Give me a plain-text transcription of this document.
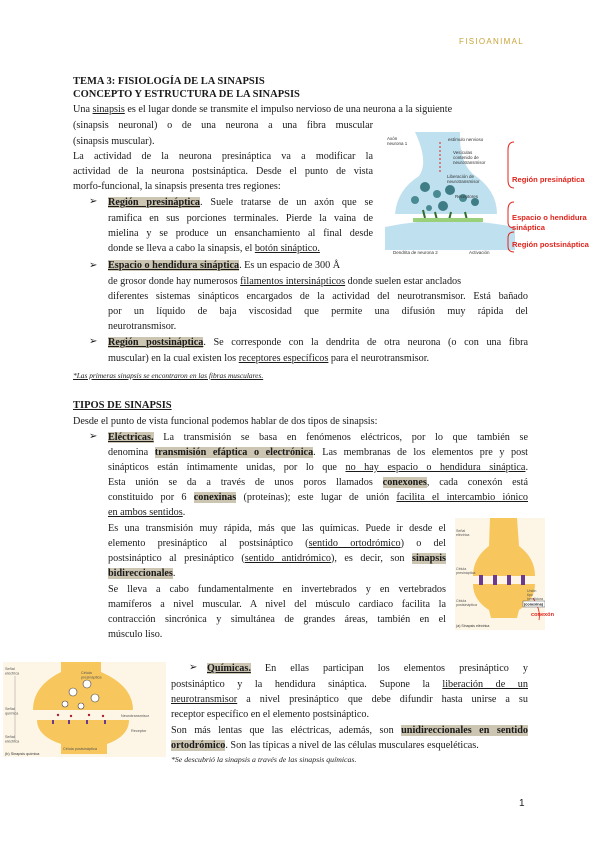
FISIOANIMAL
TEMA 3: FISIOLOGÍA DE LA SINAPSIS
CONCEPTO Y ESTRUCTURA DE LA SINAPSIS
Una sinapsis es el lugar donde se transmite el impulso nervioso de una neurona a la siguiente
(sinapsis neuronal) o de una neurona a una fibra muscular
(sinapsis muscular).
La actividad de la neurona presináptica va a modificar la
actividad de la neurona postsináptica. Desde el punto de vista
morfo-funcional, la sinapsis presenta tres regiones:
➢ Región presináptica. Suele tratarse de un axón que se
ramifica en sus porciones terminales. Pierde la vaina de
mielina y se produce un ensanchamiento al final desde
donde se lleva a cabo la sinapsis, el botón sináptico.
➢ Espacio o hendidura sináptica. Es un espacio de 300 Å
de grosor donde hay numerosos filamentos intersinápticos donde suelen estar anclados
diferentes sistemas sinápticos encargados de la actividad del neurotransmisor. Está bañado
por un líquido de baja viscosidad que permite una difusión muy rápida del
neurotransmisor.
➢ Región postsináptica. Se corresponde con la dendrita de otra neurona (o con una fibra
muscular) en la cual existen los receptores específicos para el neurotransmisor.
*Las primeras sinapsis se encontraron en las fibras musculares.
Axón neurona 1
estímulo nervioso
Vesículas contenido de neurotransmisor
Liberación de neurotransmisor
Receptores
Dendrita de neurona 2	Activación
Región presináptica
Espacio o hendidura
sináptica
Región postsináptica
TIPOS DE SINAPSIS
Desde el punto de vista funcional podemos hablar de dos tipos de sinapsis:
➢ Eléctricas. La transmisión se basa en fenómenos eléctricos, por lo que también se
denomina transmisión efáptica o electrónica. Las membranas de los elementos pre y post
sinápticos están íntimamente unidas, por lo que no hay espacio o hendidura sináptica.
Esta unión se da a través de unos poros llamados conexones, cada conexón está
constituido por 6 conexinas (proteínas); este lugar de unión facilita el intercambio iónico
en ambos sentidos.
Es una transmisión muy rápida, más que las químicas. Puede ir desde el
elemento presináptico al postsináptico (sentido ortodrómico) o del
postsináptico al presináptico (sentido antidrómico), es decir, son sinapsis
bidireccionales.
Se lleva a cabo fundamentalmente en invertebrados y en vertebrados
mamíferos a nivel muscular. A nivel del músculo cardiaco facilita la
contracción sincrónica y simultánea de grandes áreas, también en el
músculo liso.
Señal eléctrica
Célula presináptica
Célula postsináptica
Unión tipo hendidura
(conexina)
(a) Sinapsis eléctrica
conexón
Señal eléctrica
Señal química
Señal eléctrica
Célula presináptica
Neurotransmisor
Receptor
Célula postsináptica
(b) Sinapsis química
➢ Químicas. En ellas participan los elementos presináptico y
postsináptico y la hendidura sináptica. Supone la liberación de un
neurotransmisor a nivel presináptico que debe difundir hasta unirse a su
receptor específico en el elemento postsináptico.
Son más lentas que las eléctricas, además, son unidireccionales en sentido
ortodrómico. Son las típicas a nivel de las células musculares esqueléticas.
*Se descubrió la sinapsis a través de las sinapsis químicas.
1
